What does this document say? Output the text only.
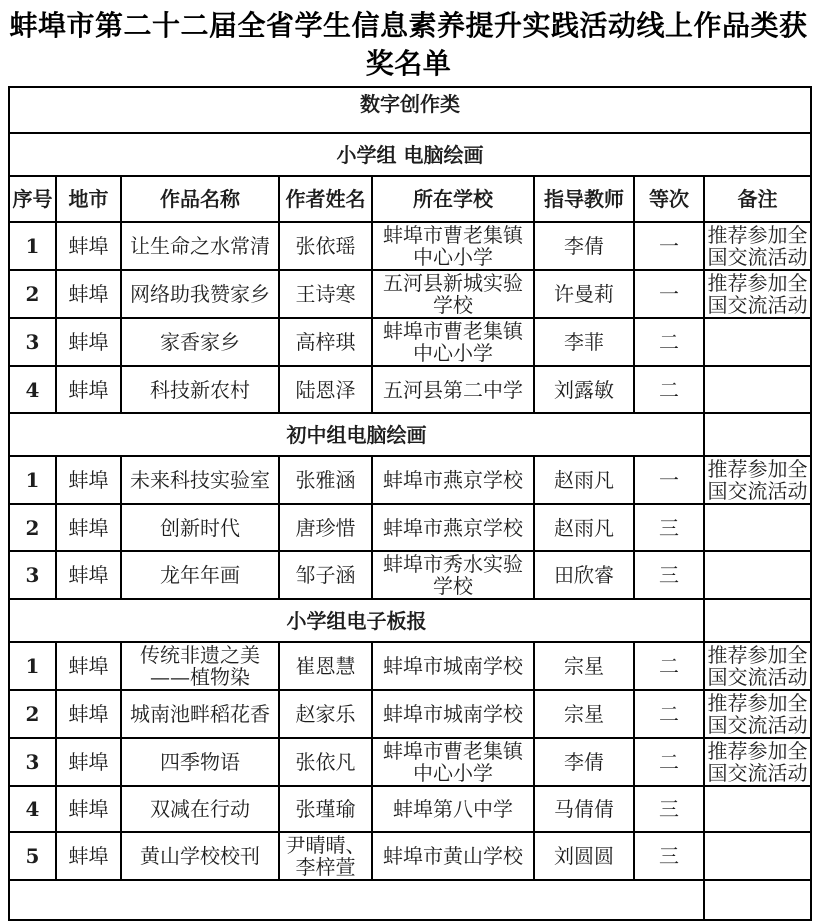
蚌埠市第二十二届全省学生信息素养提升实践活动线上作品类获奖名单
数字创作类							
小学组 电脑绘画							
序号	地市	作品名称	作者姓名	所在学校	指导教师	等次	备注
1	蚌埠	让生命之水常清	张依瑶	蚌埠市曹老集镇中心小学	李倩	一	推荐参加全国交流活动
2	蚌埠	网络助我赞家乡	王诗寒	五河县新城实验学校	许曼莉	一	推荐参加全国交流活动
3	蚌埠	家香家乡	高梓琪	蚌埠市曹老集镇中心小学	李菲	二	
4	蚌埠	科技新农村	陆恩泽	五河县第二中学	刘露敏	二	
初中组电脑绘画							
1	蚌埠	未来科技实验室	张雅涵	蚌埠市燕京学校	赵雨凡	一	推荐参加全国交流活动
2	蚌埠	创新时代	唐珍惜	蚌埠市燕京学校	赵雨凡	三	
3	蚌埠	龙年年画	邹子涵	蚌埠市秀水实验学校	田欣睿	三	
小学组电子板报							
1	蚌埠	传统非遗之美——植物染	崔恩慧	蚌埠市城南学校	宗星	二	推荐参加全国交流活动
2	蚌埠	城南池畔稻花香	赵家乐	蚌埠市城南学校	宗星	二	推荐参加全国交流活动
3	蚌埠	四季物语	张依凡	蚌埠市曹老集镇中心小学	李倩	二	推荐参加全国交流活动
4	蚌埠	双减在行动	张瑾瑜	蚌埠第八中学	马倩倩	三	
5	蚌埠	黄山学校校刊	尹晴晴、李梓萱	蚌埠市黄山学校	刘圆圆	三	
